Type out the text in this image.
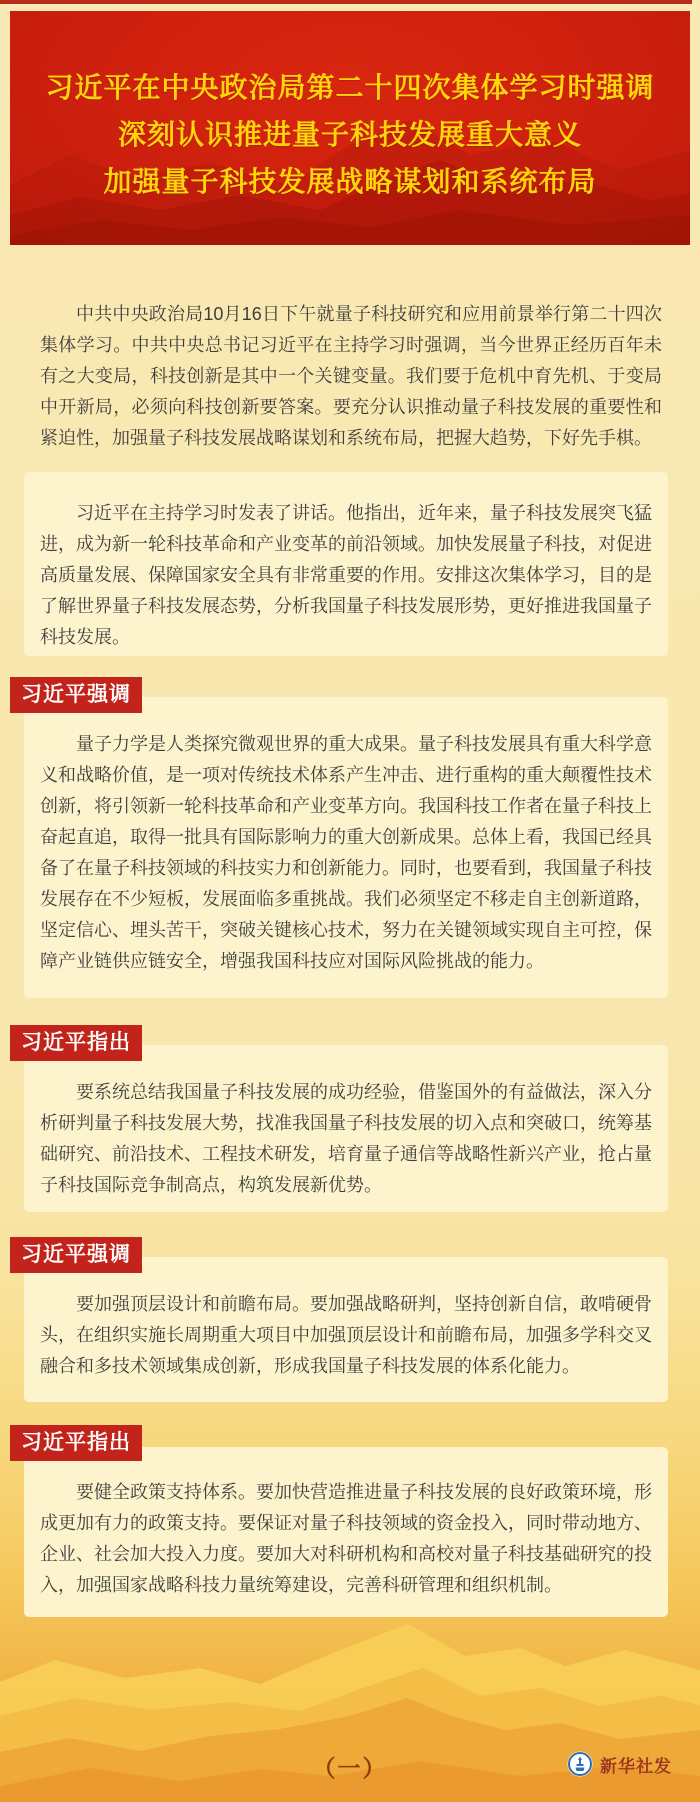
习近平在中央政治局第二十四次集体学习时强调
深刻认识推进量子科技发展重大意义
加强量子科技发展战略谋划和系统布局
中共中央政治局10月16日下午就量子科技研究和应用前景举行第二十四次集体学习。中共中央总书记习近平在主持学习时强调，当今世界正经历百年未有之大变局，科技创新是其中一个关键变量。我们要于危机中育先机、于变局中开新局，必须向科技创新要答案。要充分认识推动量子科技发展的重要性和紧迫性，加强量子科技发展战略谋划和系统布局，把握大趋势，下好先手棋。
习近平在主持学习时发表了讲话。他指出，近年来，量子科技发展突飞猛进，成为新一轮科技革命和产业变革的前沿领域。加快发展量子科技，对促进高质量发展、保障国家安全具有非常重要的作用。安排这次集体学习，目的是了解世界量子科技发展态势，分析我国量子科技发展形势，更好推进我国量子科技发展。
习近平强调
量子力学是人类探究微观世界的重大成果。量子科技发展具有重大科学意义和战略价值，是一项对传统技术体系产生冲击、进行重构的重大颠覆性技术创新，将引领新一轮科技革命和产业变革方向。我国科技工作者在量子科技上奋起直追，取得一批具有国际影响力的重大创新成果。总体上看，我国已经具备了在量子科技领域的科技实力和创新能力。同时，也要看到，我国量子科技发展存在不少短板，发展面临多重挑战。我们必须坚定不移走自主创新道路，坚定信心、埋头苦干，突破关键核心技术，努力在关键领域实现自主可控，保障产业链供应链安全，增强我国科技应对国际风险挑战的能力。
习近平指出
要系统总结我国量子科技发展的成功经验，借鉴国外的有益做法，深入分析研判量子科技发展大势，找准我国量子科技发展的切入点和突破口，统筹基础研究、前沿技术、工程技术研发，培育量子通信等战略性新兴产业，抢占量子科技国际竞争制高点，构筑发展新优势。
习近平强调
要加强顶层设计和前瞻布局。要加强战略研判，坚持创新自信，敢啃硬骨头，在组织实施长周期重大项目中加强顶层设计和前瞻布局，加强多学科交叉融合和多技术领域集成创新，形成我国量子科技发展的体系化能力。
习近平指出
要健全政策支持体系。要加快营造推进量子科技发展的良好政策环境，形成更加有力的政策支持。要保证对量子科技领域的资金投入，同时带动地方、企业、社会加大投入力度。要加大对科研机构和高校对量子科技基础研究的投入，加强国家战略科技力量统筹建设，完善科研管理和组织机制。
（一）	新华社发
